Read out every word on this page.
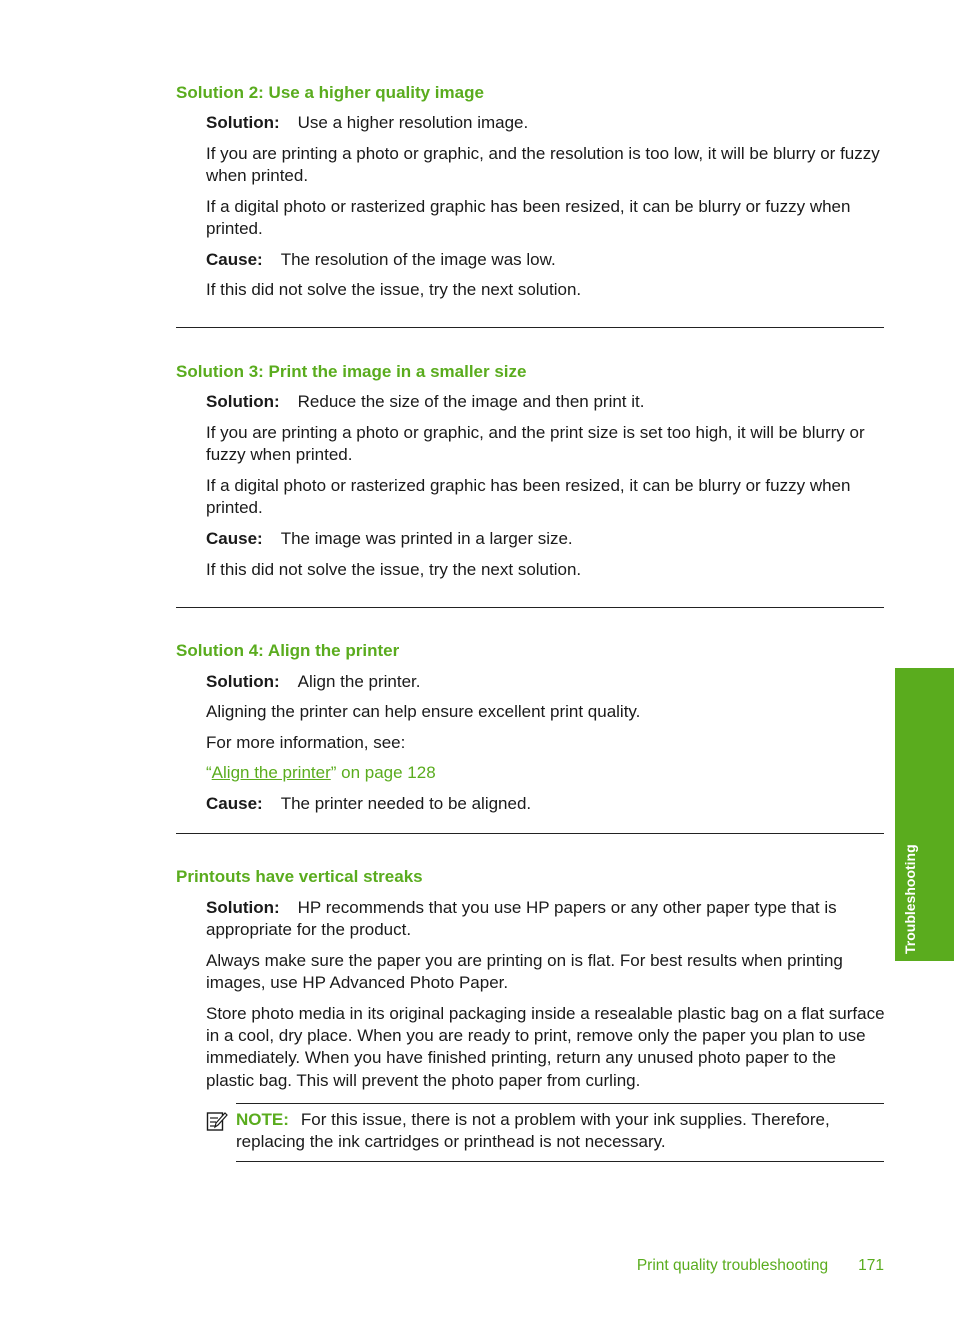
Solution 2: Use a higher quality image

Solution: Use a higher resolution image.

If you are printing a photo or graphic, and the resolution is too low, it will be blurry or fuzzy when printed.

If a digital photo or rasterized graphic has been resized, it can be blurry or fuzzy when printed.

Cause: The resolution of the image was low.

If this did not solve the issue, try the next solution.

Solution 3: Print the image in a smaller size

Solution: Reduce the size of the image and then print it.

If you are printing a photo or graphic, and the print size is set too high, it will be blurry or fuzzy when printed.

If a digital photo or rasterized graphic has been resized, it can be blurry or fuzzy when printed.

Cause: The image was printed in a larger size.

If this did not solve the issue, try the next solution.

Solution 4: Align the printer

Solution: Align the printer.

Aligning the printer can help ensure excellent print quality.

For more information, see:

“Align the printer” on page 128

Cause: The printer needed to be aligned.

Printouts have vertical streaks

Solution: HP recommends that you use HP papers or any other paper type that is appropriate for the product.

Always make sure the paper you are printing on is flat. For best results when printing images, use HP Advanced Photo Paper.

Store photo media in its original packaging inside a resealable plastic bag on a flat surface in a cool, dry place. When you are ready to print, remove only the paper you plan to use immediately. When you have finished printing, return any unused photo paper to the plastic bag. This will prevent the photo paper from curling.

NOTE: For this issue, there is not a problem with your ink supplies. Therefore, replacing the ink cartridges or printhead is not necessary.

Print quality troubleshooting 171
